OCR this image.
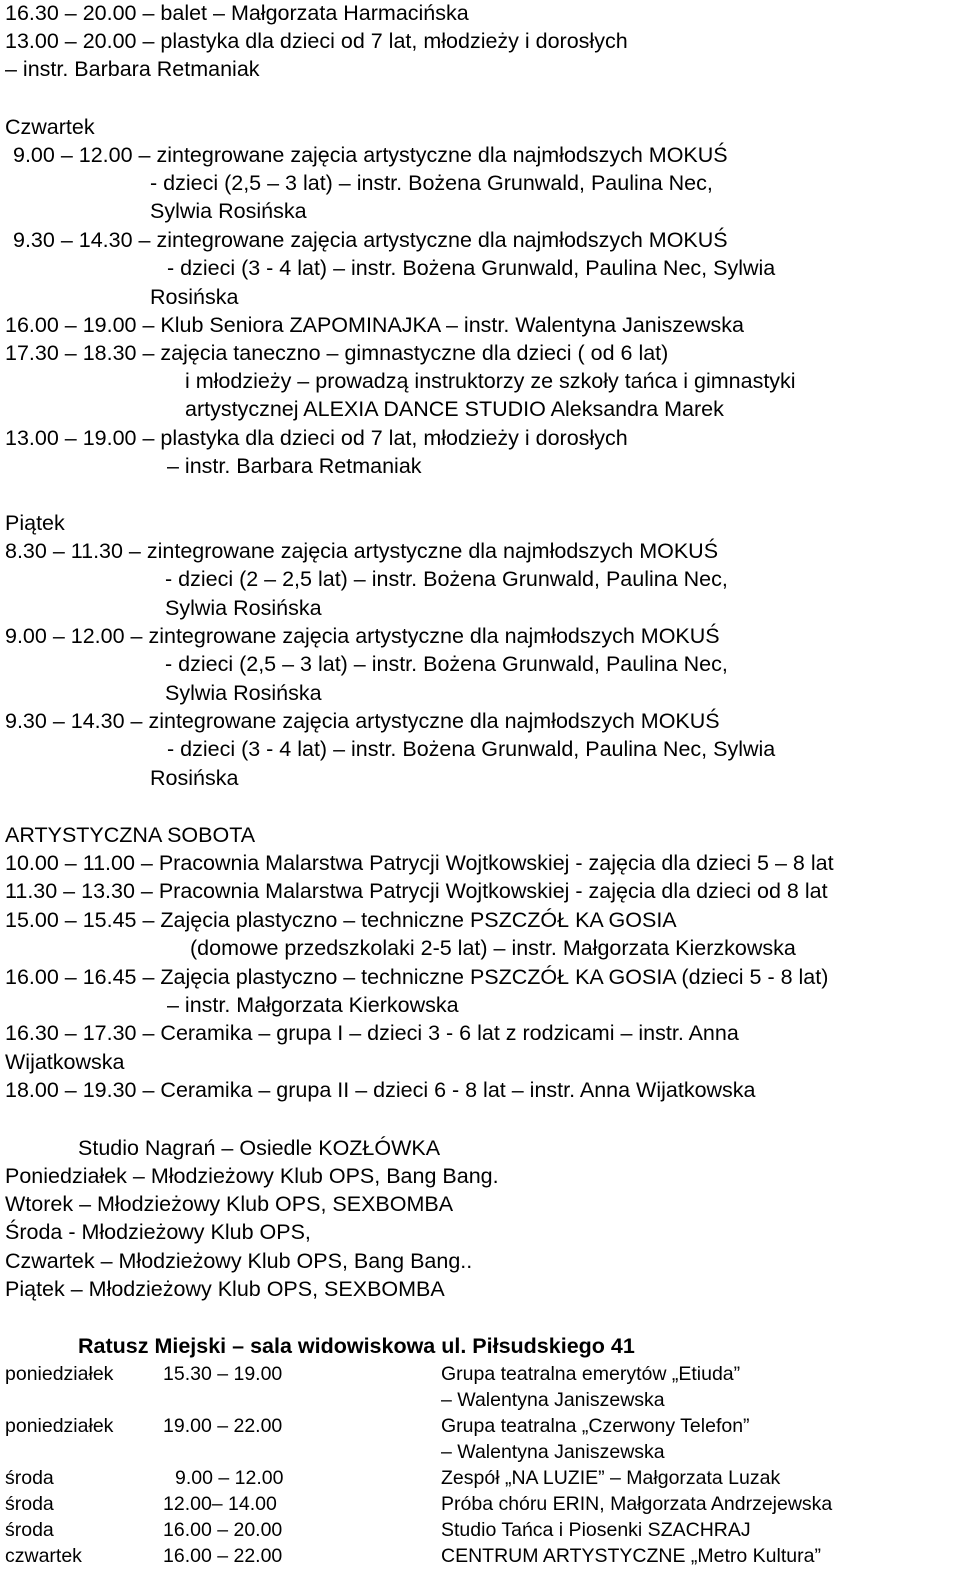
16.30 – 20.00 – balet – Małgorzata Harmacińska
13.00 – 20.00 – plastyka dla dzieci od 7 lat, młodzieży i dorosłych
– instr. Barbara Retmaniak
Czwartek
9.00 – 12.00 – zintegrowane zajęcia artystyczne dla najmłodszych MOKUŚ
- dzieci (2,5 – 3 lat) – instr. Bożena Grunwald, Paulina Nec,
Sylwia Rosińska
9.30 – 14.30 – zintegrowane zajęcia artystyczne dla najmłodszych MOKUŚ
- dzieci (3 - 4 lat) – instr. Bożena Grunwald, Paulina Nec, Sylwia
Rosińska
16.00 – 19.00 – Klub Seniora ZAPOMINAJKA – instr. Walentyna Janiszewska
17.30 – 18.30 – zajęcia taneczno – gimnastyczne dla dzieci ( od 6 lat)
i młodzieży – prowadzą instruktorzy ze szkoły tańca i gimnastyki
artystycznej ALEXIA DANCE STUDIO Aleksandra Marek
13.00 – 19.00 – plastyka dla dzieci od 7 lat, młodzieży i dorosłych
– instr. Barbara Retmaniak
Piątek
8.30 – 11.30 – zintegrowane zajęcia artystyczne dla najmłodszych MOKUŚ
- dzieci (2 – 2,5 lat) – instr. Bożena Grunwald, Paulina Nec,
Sylwia Rosińska
9.00 – 12.00 – zintegrowane zajęcia artystyczne dla najmłodszych MOKUŚ
- dzieci (2,5 – 3 lat) – instr. Bożena Grunwald, Paulina Nec,
Sylwia Rosińska
9.30 – 14.30 – zintegrowane zajęcia artystyczne dla najmłodszych MOKUŚ
- dzieci (3 - 4 lat) – instr. Bożena Grunwald, Paulina Nec, Sylwia
Rosińska
ARTYSTYCZNA SOBOTA
10.00 – 11.00 – Pracownia Malarstwa Patrycji Wojtkowskiej - zajęcia dla dzieci 5 – 8 lat
11.30 – 13.30 – Pracownia Malarstwa Patrycji Wojtkowskiej - zajęcia dla dzieci od 8 lat
15.00 – 15.45 – Zajęcia plastyczno – techniczne PSZCZÓŁ KA GOSIA
(domowe przedszkolaki 2-5 lat) – instr. Małgorzata Kierzkowska
16.00 – 16.45 – Zajęcia plastyczno – techniczne PSZCZÓŁ KA GOSIA (dzieci 5 - 8 lat)
– instr. Małgorzata Kierkowska
16.30 – 17.30 – Ceramika – grupa I – dzieci 3 - 6 lat z rodzicami – instr. Anna
Wijatkowska
18.00 – 19.30 – Ceramika – grupa II – dzieci 6 - 8 lat – instr. Anna Wijatkowska
Studio Nagrań – Osiedle KOZŁÓWKA
Poniedziałek – Młodzieżowy Klub OPS, Bang Bang.
Wtorek – Młodzieżowy Klub OPS, SEXBOMBA
Środa - Młodzieżowy Klub OPS,
Czwartek – Młodzieżowy Klub OPS, Bang Bang..
Piątek – Młodzieżowy Klub OPS, SEXBOMBA
Ratusz Miejski – sala widowiskowa ul. Piłsudskiego 41
poniedziałek	15.30 – 19.00	Grupa teatralna emerytów „Etiuda”
– Walentyna Janiszewska
poniedziałek	19.00 – 22.00	Grupa teatralna „Czerwony Telefon”
– Walentyna Janiszewska
środa	9.00 – 12.00	Zespół „NA LUZIE” – Małgorzata Luzak
środa	12.00– 14.00	Próba chóru ERIN, Małgorzata Andrzejewska
środa	16.00 – 20.00	Studio Tańca i Piosenki SZACHRAJ
czwartek	16.00 – 22.00	CENTRUM ARTYSTYCZNE „Metro Kultura”
